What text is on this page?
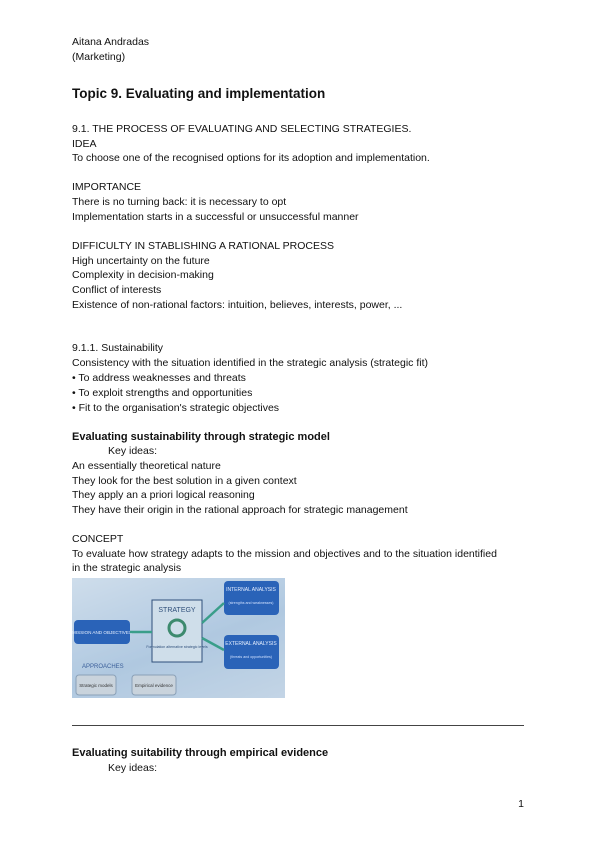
Aitana Andradas
(Marketing)
Topic 9. Evaluating and implementation
9.1. THE PROCESS OF EVALUATING AND SELECTING STRATEGIES.
IDEA
To choose one of the recognised options for its adoption and implementation.
IMPORTANCE
There is no turning back: it is necessary to opt
Implementation starts in a successful or unsuccessful manner
DIFFICULTY IN STABLISHING A RATIONAL PROCESS
High uncertainty on the future
Complexity in decision-making
Conflict of interests
Existence of non-rational factors: intuition, believes, interests, power, ...
9.1.1. Sustainability
Consistency with the situation identified in the strategic analysis (strategic fit)
• To address weaknesses and threats
• To exploit strengths and opportunities
• Fit to the organisation's strategic objectives
Evaluating sustainability through strategic model
Key ideas:
An essentially theoretical nature
They look for the best solution in a given context
They apply an a priori logical reasoning
They have their origin in the rational approach for strategic management
CONCEPT
To evaluate how strategy adapts to the mission and objectives and to the situation identified
in the strategic analysis
Evaluating suitability through empirical evidence
Key ideas:
STRATEGY
Formulation alternative strategic levels
INTERNAL ANALYSIS
(strengths and weaknesses)
EXTERNAL ANALYSIS
(threats and opportunities)
MISSION AND OBJECTIVES
APPROACHES
Strategic models	Empirical evidence
1
